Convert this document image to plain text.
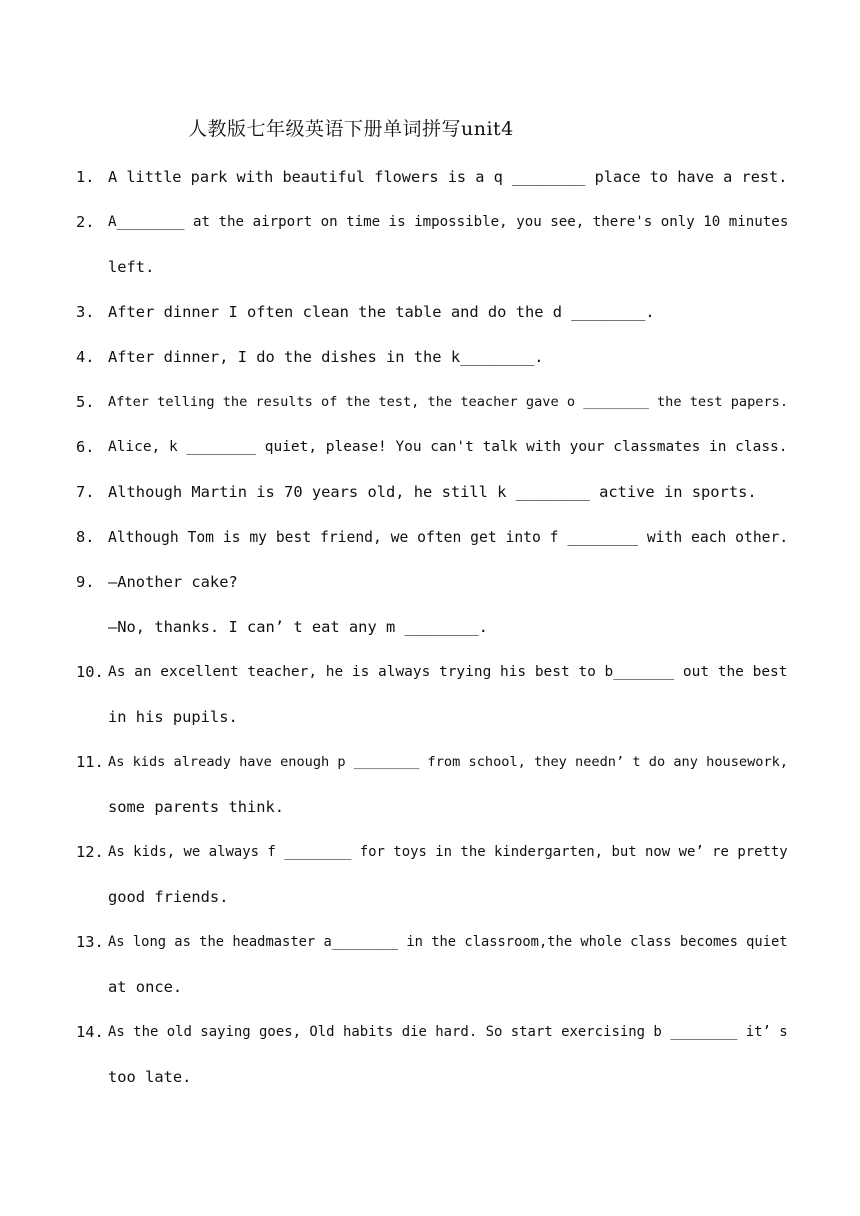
人教版七年级英语下册单词拼写unit4
1. A little park with beautiful flowers is a q ________ place to have a rest.
2. A________ at the airport on time is impossible, you see, there's only 10 minutes
left.
3. After dinner I often clean the table and do the d ________.
4. After dinner, I do the dishes in the k________.
5. After telling the results of the test, the teacher gave o ________ the test papers.
6. Alice, k ________ quiet, please! You can't talk with your classmates in class.
7. Although Martin is 70 years old, he still k ________ active in sports.
8. Although Tom is my best friend, we often get into f ________ with each other.
9. —Another cake?
—No, thanks. I can’ t eat any m ________.
10. As an excellent teacher, he is always trying his best to b_______ out the best
in his pupils.
11. As kids already have enough p ________ from school, they needn’ t do any housework,
some parents think.
12. As kids, we always f ________ for toys in the kindergarten, but now we’ re pretty
good friends.
13. As long as the headmaster a________ in the classroom,the whole class becomes quiet
at once.
14. As the old saying goes, Old habits die hard. So start exercising b ________ it’ s
too late.
